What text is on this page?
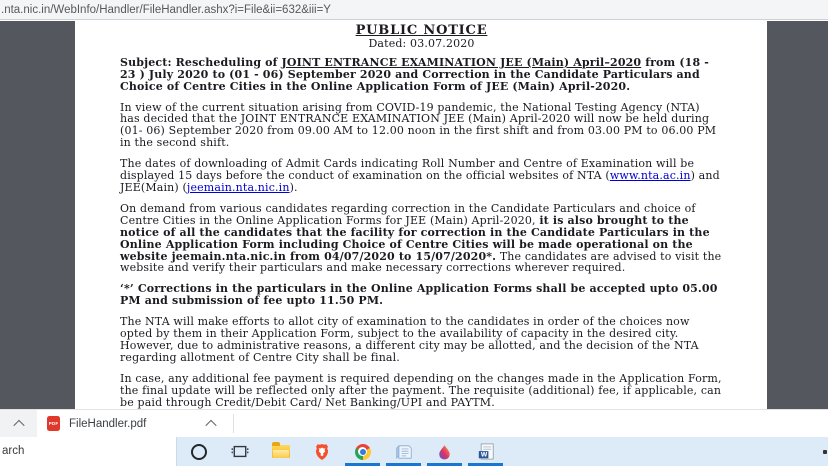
.nta.nic.in/WebInfo/Handler/FileHandler.ashx?i=File&ii=632&iii=Y
PUBLIC NOTICE
Dated: 03.07.2020

Subject: Rescheduling of JOINT ENTRANCE EXAMINATION JEE (Main) April–2020 from (18 - 23 ) July 2020 to (01 - 06) September 2020 and Correction in the Candidate Particulars and Choice of Centre Cities in the Online Application Form of JEE (Main) April-2020.

In view of the current situation arising from COVID-19 pandemic, the National Testing Agency (NTA) has decided that the JOINT ENTRANCE EXAMINATION JEE (Main) April-2020 will now be held during (01- 06) September 2020 from 09.00 AM to 12.00 noon in the first shift and from 03.00 PM to 06.00 PM in the second shift.

The dates of downloading of Admit Cards indicating Roll Number and Centre of Examination will be displayed 15 days before the conduct of examination on the official websites of NTA (www.nta.ac.in) and JEE(Main) (jeemain.nta.nic.in).

On demand from various candidates regarding correction in the Candidate Particulars and choice of Centre Cities in the Online Application Forms for JEE (Main) April-2020, it is also brought to the notice of all the candidates that the facility for correction in the Candidate Particulars in the Online Application Form including Choice of Centre Cities will be made operational on the website jeemain.nta.nic.in from 04/07/2020 to 15/07/2020*. The candidates are advised to visit the website and verify their particulars and make necessary corrections wherever required.

‘*’ Corrections in the particulars in the Online Application Forms shall be accepted upto 05.00 PM and submission of fee upto 11.50 PM.

The NTA will make efforts to allot city of examination to the candidates in order of the choices now opted by them in their Application Form, subject to the availability of capacity in the desired city. However, due to administrative reasons, a different city may be allotted, and the decision of the NTA regarding allotment of Centre City shall be final.

In case, any additional fee payment is required depending on the changes made in the Application Form, the final update will be reflected only after the payment. The requisite (additional) fee, if applicable, can be paid through Credit/Debit Card/ Net Banking/UPI and PAYTM.

PDF FileHandler.pdf
arch	W
